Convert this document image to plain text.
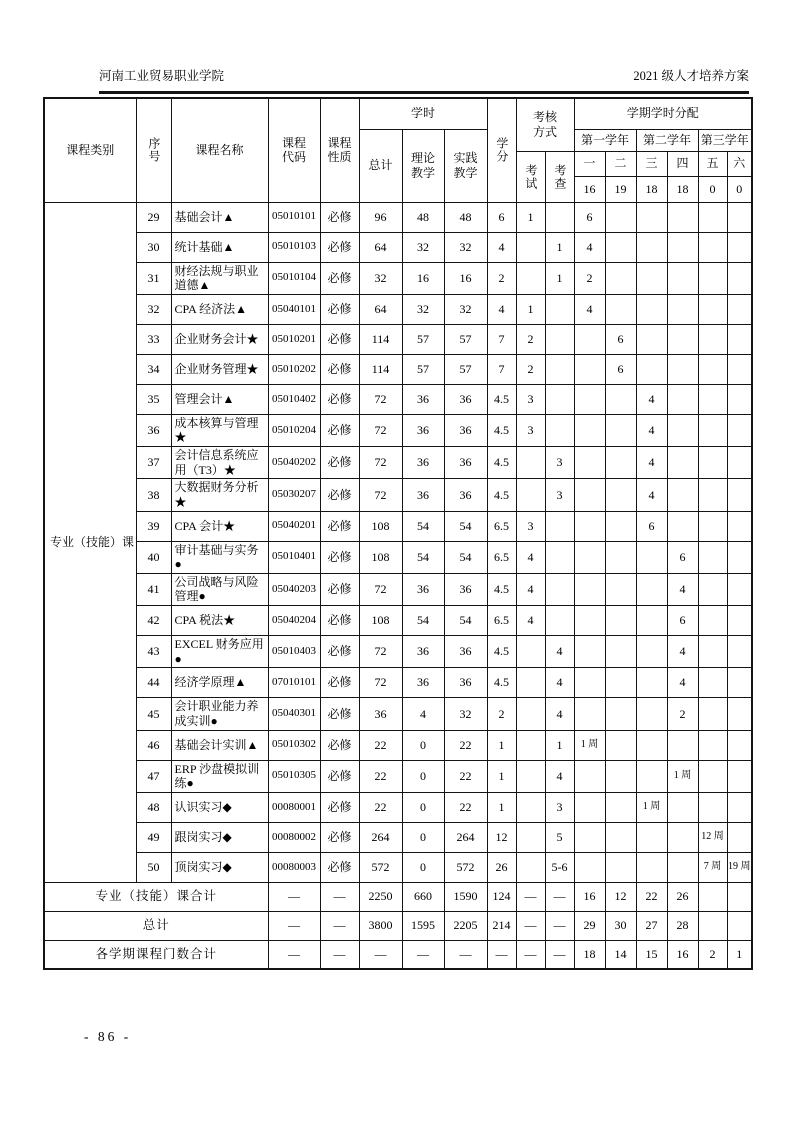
河南工业贸易职业学院	2021 级人才培养方案
课程类别	序号	课程名称	课程代码	课程性质	学时			学分	考核方式		学期学时分配					
					总计	理论教学	实践教学				第一学年		第二学年		第三学年	

									考试	考查	一	二	三	四	五	六
											16	19	18	18	0	0

专业（技能）课	29	基础会计▲	05010101	必修	96	48	48	6	1		6					
	30	统计基础▲	05010103	必修	64	32	32	4		1	4					
	31	财经法规与职业道德▲	05010104	必修	32	16	16	2		1	2					
	32	CPA 经济法▲	05040101	必修	64	32	32	4	1		4					
	33	企业财务会计★	05010201	必修	114	57	57	7	2			6				
	34	企业财务管理★	05010202	必修	114	57	57	7	2			6				
	35	管理会计▲	05010402	必修	72	36	36	4.5	3				4			
	36	成本核算与管理★	05010204	必修	72	36	36	4.5	3				4			
	37	会计信息系统应用（T3）★	05040202	必修	72	36	36	4.5		3			4			
	38	大数据财务分析★	05030207	必修	72	36	36	4.5		3			4			
	39	CPA 会计★	05040201	必修	108	54	54	6.5	3				6			
	40	审计基础与实务●	05010401	必修	108	54	54	6.5	4					6		
	41	公司战略与风险管理●	05040203	必修	72	36	36	4.5	4					4		
	42	CPA 税法★	05040204	必修	108	54	54	6.5	4					6		
	43	EXCEL 财务应用●	05010403	必修	72	36	36	4.5		4				4		
	44	经济学原理▲	07010101	必修	72	36	36	4.5		4				4		
	45	会计职业能力养成实训●	05040301	必修	36	4	32	2		4				2		
	46	基础会计实训▲	05010302	必修	22	0	22	1		1	1 周					
	47	ERP 沙盘模拟训练●	05010305	必修	22	0	22	1		4				1 周		
	48	认识实习◆	00080001	必修	22	0	22	1		3			1 周			
	49	跟岗实习◆	00080002	必修	264	0	264	12		5					12 周	
	50	顶岗实习◆	00080003	必修	572	0	572	26		5-6					7 周	19 周
专业（技能）课合计			—	—	2250	660	1590	124	—	—	16	12	22	26		
总计			—	—	3800	1595	2205	214	—	—	29	30	27	28		
各学期课程门数合计			—	—	—	—	—	—	—	—	18	14	15	16	2	1
- 86 -
